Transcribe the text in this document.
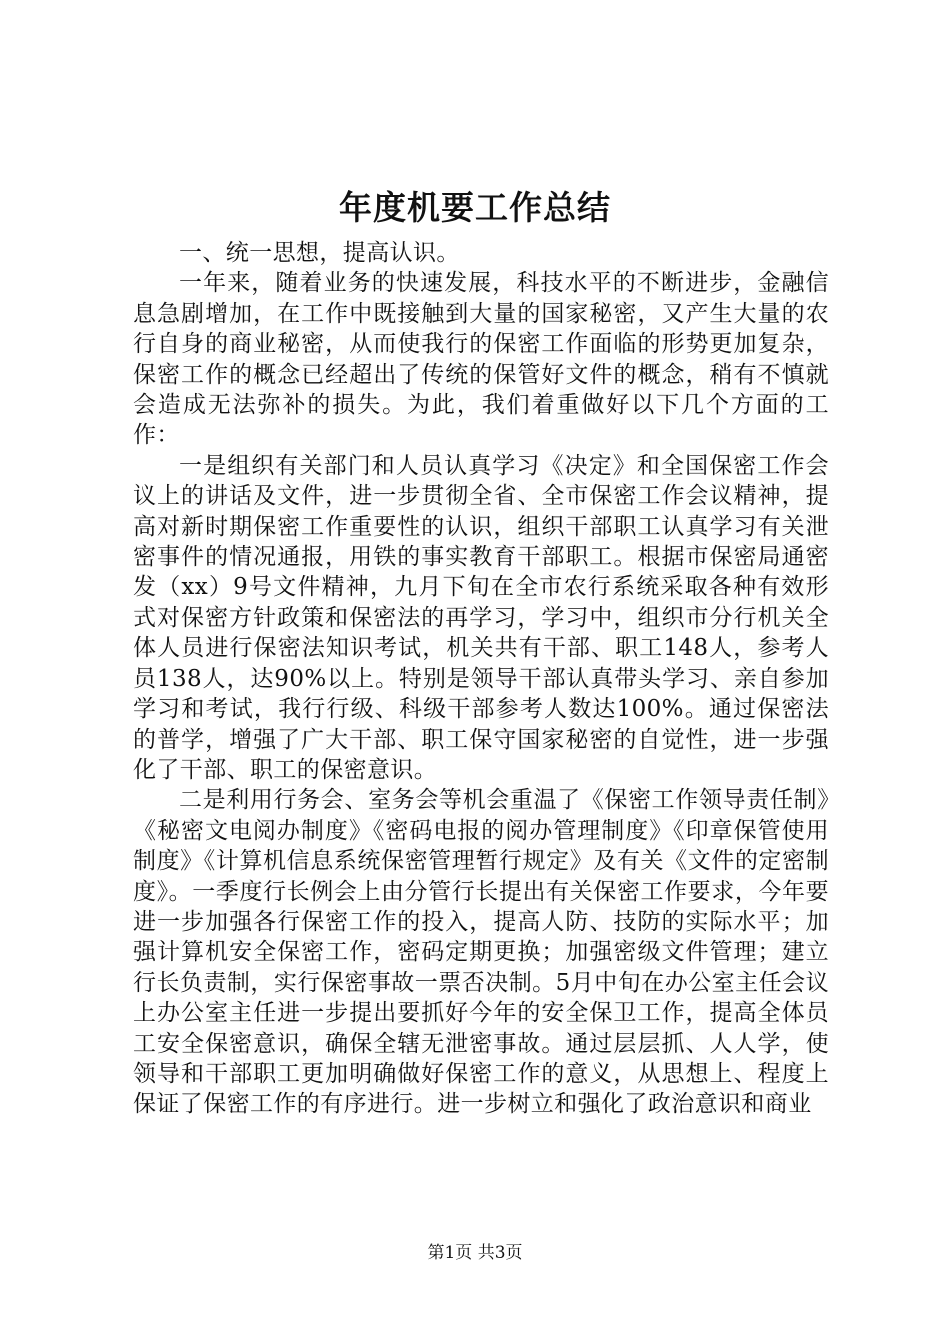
年度机要工作总结

一、统一思想，提高认识。

一年来，随着业务的快速发展，科技水平的不断进步，金融信息急剧增加，在工作中既接触到大量的国家秘密，又产生大量的农行自身的商业秘密，从而使我行的保密工作面临的形势更加复杂，保密工作的概念已经超出了传统的保管好文件的概念，稍有不慎就会造成无法弥补的损失。为此，我们着重做好以下几个方面的工作：

一是组织有关部门和人员认真学习《决定》和全国保密工作会议上的讲话及文件，进一步贯彻全省、全市保密工作会议精神，提高对新时期保密工作重要性的认识，组织干部职工认真学习有关泄密事件的情况通报，用铁的事实教育干部职工。根据市保密局通密发（xx）9号文件精神，九月下旬在全市农行系统采取各种有效形式对保密方针政策和保密法的再学习，学习中，组织市分行机关全体人员进行保密法知识考试，机关共有干部、职工148人，参考人员138人，达90%以上。特别是领导干部认真带头学习、亲自参加学习和考试，我行行级、科级干部参考人数达100%。通过保密法的普学，增强了广大干部、职工保守国家秘密的自觉性，进一步强化了干部、职工的保密意识。

二是利用行务会、室务会等机会重温了《保密工作领导责任制》《秘密文电阅办制度》《密码电报的阅办管理制度》《印章保管使用制度》《计算机信息系统保密管理暂行规定》及有关《文件的定密制度》。一季度行长例会上由分管行长提出有关保密工作要求，今年要进一步加强各行保密工作的投入，提高人防、技防的实际水平；加强计算机安全保密工作，密码定期更换；加强密级文件管理；建立行长负责制，实行保密事故一票否决制。5月中旬在办公室主任会议上办公室主任进一步提出要抓好今年的安全保卫工作，提高全体员工安全保密意识，确保全辖无泄密事故。通过层层抓、人人学，使领导和干部职工更加明确做好保密工作的意义，从思想上、程度上保证了保密工作的有序进行。进一步树立和强化了政治意识和商业

第1页 共3页
